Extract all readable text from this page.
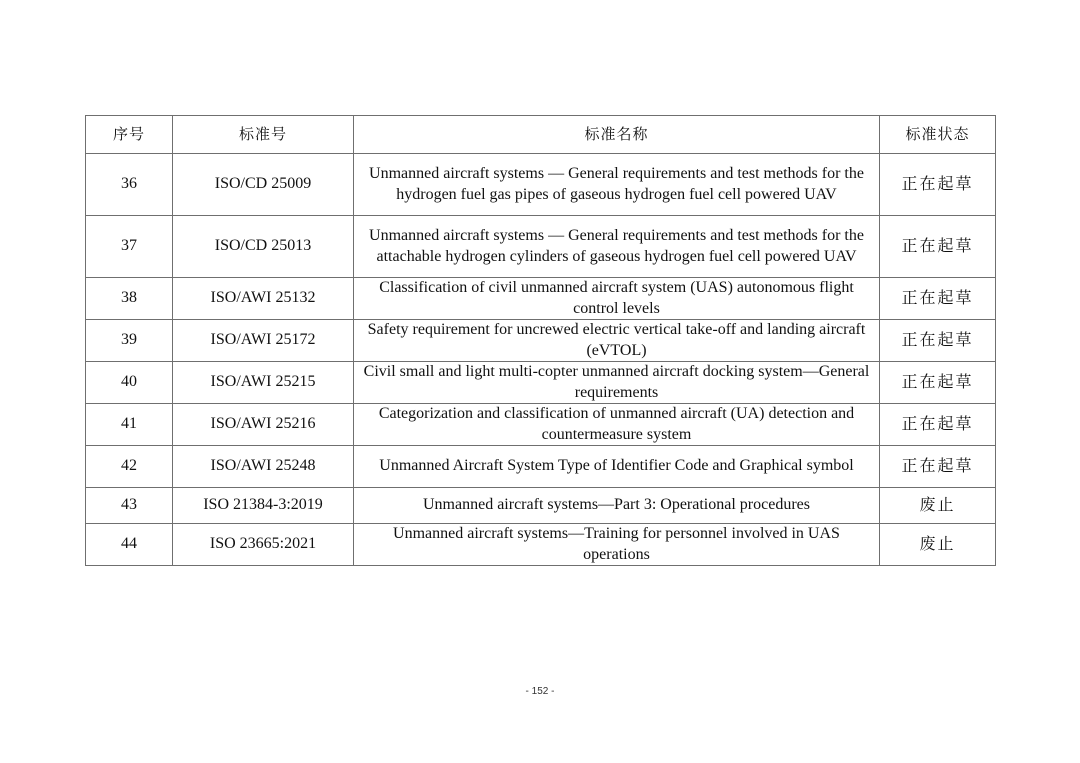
序号	标准号	标准名称	标准状态
36	ISO/CD 25009	Unmanned aircraft systems — General requirements and test methods for the hydrogen fuel gas pipes of gaseous hydrogen fuel cell powered UAV	正在起草
37	ISO/CD 25013	Unmanned aircraft systems — General requirements and test methods for the attachable hydrogen cylinders of gaseous hydrogen fuel cell powered UAV	正在起草
38	ISO/AWI 25132	Classification of civil unmanned aircraft system (UAS) autonomous flight control levels	正在起草
39	ISO/AWI 25172	Safety requirement for uncrewed electric vertical take-off and landing aircraft (eVTOL)	正在起草
40	ISO/AWI 25215	Civil small and light multi-copter unmanned aircraft docking system—General requirements	正在起草
41	ISO/AWI 25216	Categorization and classification of unmanned aircraft (UA) detection and countermeasure system	正在起草
42	ISO/AWI 25248	Unmanned Aircraft System Type of Identifier Code and Graphical symbol	正在起草
43	ISO 21384-3:2019	Unmanned aircraft systems—Part 3: Operational procedures	废止
44	ISO 23665:2021	Unmanned aircraft systems—Training for personnel involved in UAS operations	废止
- 152 -
